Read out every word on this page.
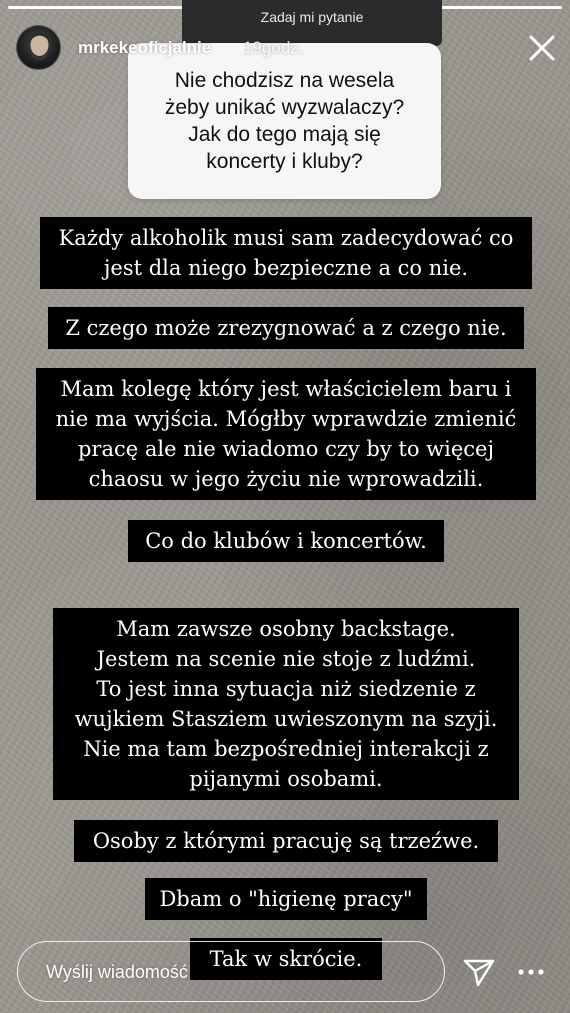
Zadaj mi pytanie
Nie chodzisz na wesela
żeby unikać wyzwalaczy?
Jak do tego mają się
koncerty i kluby?
mrkekeoficjalnie 19godz.
Każdy alkoholik musi sam zadecydować co
jest dla niego bezpieczne a co nie.
Z czego może zrezygnować a z czego nie.
Mam kolegę który jest właścicielem baru i
nie ma wyjścia. Mógłby wprawdzie zmienić
pracę ale nie wiadomo czy by to więcej
chaosu w jego życiu nie wprowadzili.
Co do klubów i koncertów.
Mam zawsze osobny backstage.
Jestem na scenie nie stoje z ludźmi.
To jest inna sytuacja niż siedzenie z
wujkiem Stasziem uwieszonym na szyji.
Nie ma tam bezpośredniej interakcji z
pijanymi osobami.
Osoby z którymi pracuję są trzeźwe.
Dbam o "higienę pracy"
Tak w skrócie.
Wyślij wiadomość
